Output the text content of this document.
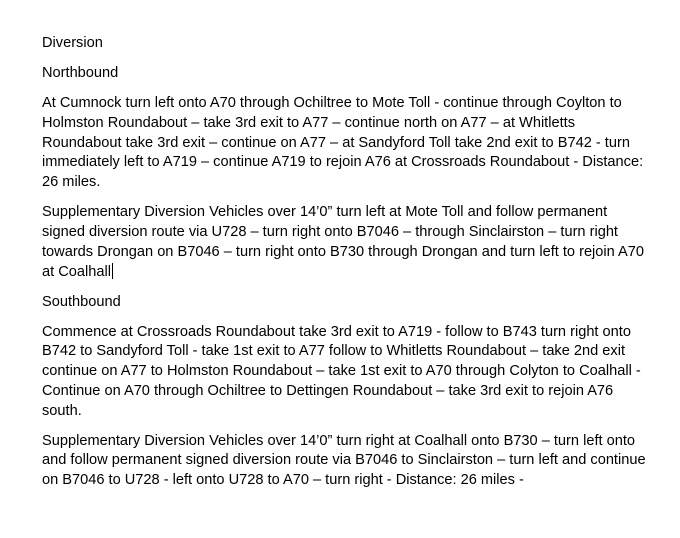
Diversion

Northbound

At Cumnock turn left onto A70 through Ochiltree to Mote Toll - continue through Coylton to Holmston Roundabout – take 3rd exit to A77 – continue north on A77 – at Whitletts Roundabout take 3rd exit – continue on A77 – at Sandyford Toll take 2nd exit to B742 - turn immediately left to A719 – continue A719 to rejoin A76 at Crossroads Roundabout - Distance: 26 miles.

Supplementary Diversion Vehicles over 14’0” turn left at Mote Toll and follow permanent signed diversion route via U728 – turn right onto B7046 – through Sinclairston – turn right towards Drongan on B7046 – turn right onto B730 through Drongan and turn left to rejoin A70 at Coalhall

Southbound

Commence at Crossroads Roundabout take 3rd exit to A719 - follow to B743 turn right onto B742 to Sandyford Toll - take 1st exit to A77 follow to Whitletts Roundabout – take 2nd exit continue on A77 to Holmston Roundabout – take 1st exit to A70 through Colyton to Coalhall - Continue on A70 through Ochiltree to Dettingen Roundabout – take 3rd exit to rejoin A76 south.

Supplementary Diversion Vehicles over 14’0” turn right at Coalhall onto B730 – turn left onto and follow permanent signed diversion route via B7046 to Sinclairston – turn left and continue on B7046 to U728 - left onto U728 to A70 – turn right - Distance: 26 miles -
